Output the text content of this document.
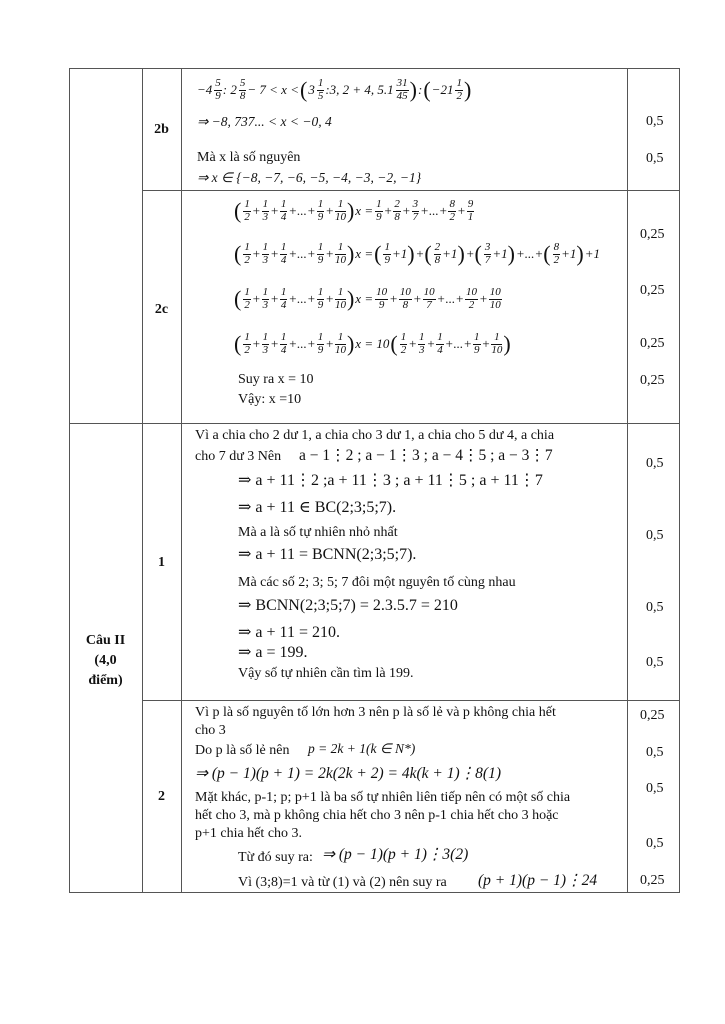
2b
−4 5
9 : 2 5
8 − 7 < x < ( 3 1
5 :3, 2 + 4, 5.1 31
45 ) : ( −21 1
2 )
⇒ −8, 737... < x < −0, 4
Mà x là số nguyên
⇒ x ∈ {−8, −7, −6, −5, −4, −3, −2, −1}
0,5
0,5
2c
( 1
2 + 1
3 + 1
4 +...+ 1
9 + 1
10 ) $x = \frac{1}{9} + 2$
8 + 3
7 +...+ 8
2 + 9
1
( 1
2 + 1
3 + 1
4 +...+ 1
9 + 1
10 ) x = ( 1
9 +1 ) + ( 2
8 +1 ) + ( 3
7 +1 ) +...+ ( 8
2 +1 ) +1
( 1
2 + 1
3 + 1
4 +...+ 1
9 + 1
10 ) $x = \frac{10}{9} + 10$
8 + 10
7 +...+ 10
2 + 10
10
( 1
2 + 1
3 + 1
4 +...+ 1
9 + 1
10 ) x = 10 ( 1
2 + 1
3 + 1
4 +...+ 1
9 + 1
10 )
Suy ra x = 10
Vậy: x =10
0,25
0,25
0,25
0,25
Câu II
(4,0
điểm)
1
Vì a chia cho 2 dư 1, a chia cho 3 dư 1, a chia cho 5 dư 4, a chia
cho 7 dư 3 Nên a − 1⋮2 ; a − 1⋮3 ; a − 4⋮5 ; a − 3⋮7
⇒ a + 11⋮2 ;a + 11⋮3 ; a + 11⋮5 ; a + 11⋮7
⇒ a + 11 ∈ BC(2;3;5;7).
Mà a là số tự nhiên nhỏ nhất
⇒ a + 11 = BCNN(2;3;5;7).
Mà các số 2; 3; 5; 7 đôi một nguyên tố cùng nhau
⇒ BCNN(2;3;5;7) = 2.3.5.7 = 210
⇒ a + 11 = 210.
⇒ a = 199.
Vậy số tự nhiên cần tìm là 199.
0,5
0,5
0,5
0,5
2
Vì p là số nguyên tố lớn hơn 3 nên p là số lẻ và p không chia hết
cho 3
Do p là số lẻ nên p = 2k + 1(k ∈ N*)
⇒ (p − 1)(p + 1) = 2k(2k + 2) = 4k(k + 1)⋮8(1)
Mặt khác, p-1; p; p+1 là ba số tự nhiên liên tiếp nên có một số chia
hết cho 3, mà p không chia hết cho 3 nên p-1 chia hết cho 3 hoặc
p+1 chia hết cho 3.
Từ đó suy ra: ⇒ (p − 1)(p + 1)⋮3(2)
Vì (3;8)=1 và từ (1) và (2) nên suy ra (p + 1)(p − 1)⋮24
0,25
0,5
0,5
0,5
0,25
